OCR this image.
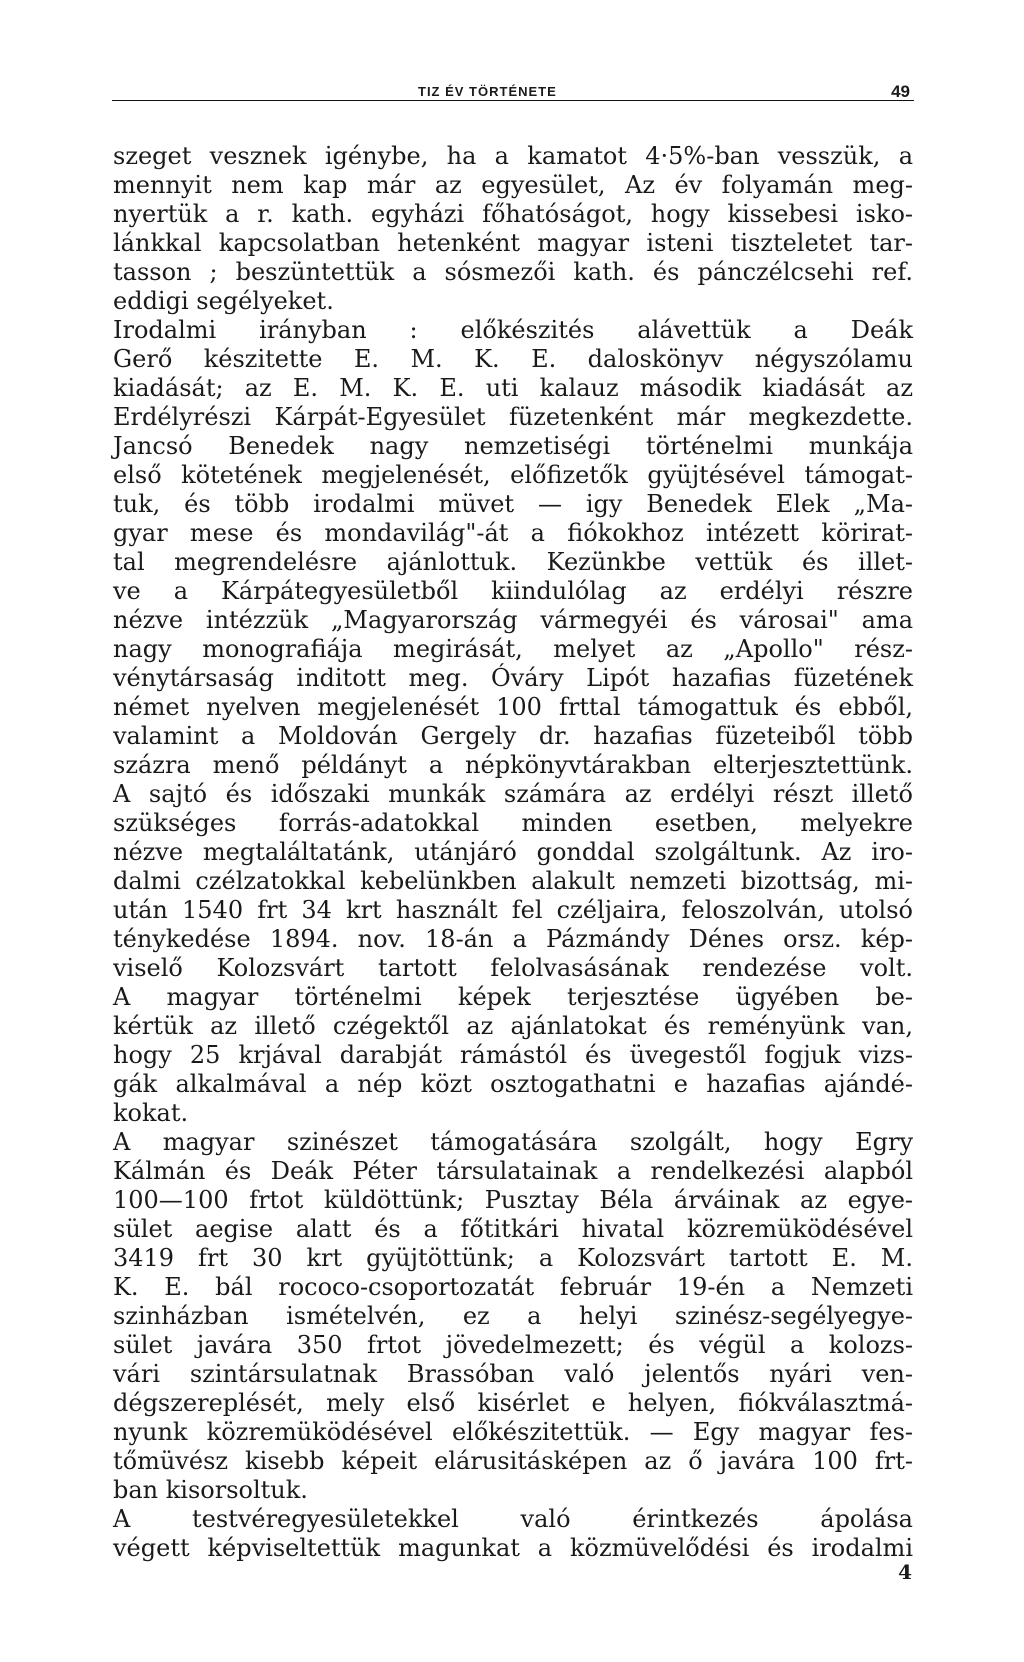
TIZ ÉV TÖRTÉNETE	49
szeget vesznek igénybe, ha a kamatot 4·5%-ban vesszük, a
mennyit nem kap már az egyesület, Az év folyamán meg-
nyertük a r. kath. egyházi főhatóságot, hogy kissebesi isko-
lánkkal kapcsolatban hetenként magyar isteni tiszteletet tar-
tasson ; beszüntettük a sósmezői kath. és pánczélcsehi ref.
eddigi segélyeket.
Irodalmi irányban : előkészités alávettük a Deák
Gerő készitette E. M. K. E. daloskönyv négyszólamu
kiadását; az E. M. K. E. uti kalauz második kiadását az
Erdélyrészi Kárpát-Egyesület füzetenként már megkezdette.
Jancsó Benedek nagy nemzetiségi történelmi munkája
első kötetének megjelenését, előfizetők gyüjtésével támogat-
tuk, és több irodalmi müvet — igy Benedek Elek „Ma-
gyar mese és mondavilág"-át a fiókokhoz intézett körirat-
tal megrendelésre ajánlottuk. Kezünkbe vettük és illet-
ve a Kárpátegyesületből kiindulólag az erdélyi részre
nézve intézzük „Magyarország vármegyéi és városai" ama
nagy monografiája megirását, melyet az „Apollo" rész-
vénytársaság inditott meg. Óváry Lipót hazafias füzetének
német nyelven megjelenését 100 frttal támogattuk és ebből,
valamint a Moldován Gergely dr. hazafias füzeteiből több
százra menő példányt a népkönyvtárakban elterjesztettünk.
A sajtó és időszaki munkák számára az erdélyi részt illető
szükséges forrás-adatokkal minden esetben, melyekre
nézve megtaláltatánk, utánjáró gonddal szolgáltunk. Az iro-
dalmi czélzatokkal kebelünkben alakult nemzeti bizottság, mi-
után 1540 frt 34 krt használt fel czéljaira, feloszolván, utolsó
ténykedése 1894. nov. 18-án a Pázmándy Dénes orsz. kép-
viselő Kolozsvárt tartott felolvasásának rendezése volt.
A magyar történelmi képek terjesztése ügyében be-
kértük az illető czégektől az ajánlatokat és reményünk van,
hogy 25 krjával darabját rámástól és üvegestől fogjuk vizs-
gák alkalmával a nép közt osztogathatni e hazafias ajándé-
kokat.
A magyar szinészet támogatására szolgált, hogy Egry
Kálmán és Deák Péter társulatainak a rendelkezési alapból
100—100 frtot küldöttünk; Pusztay Béla árváinak az egye-
sület aegise alatt és a főtitkári hivatal közremüködésével
3419 frt 30 krt gyüjtöttünk; a Kolozsvárt tartott E. M.
K. E. bál rococo-csoportozatát február 19-én a Nemzeti
szinházban ismételvén, ez a helyi szinész-segélyegye-
sület javára 350 frtot jövedelmezett; és végül a kolozs-
vári szintársulatnak Brassóban való jelentős nyári ven-
dégszereplését, mely első kisérlet e helyen, fiókválasztmá-
nyunk közremüködésével előkészitettük. — Egy magyar fes-
tőmüvész kisebb képeit elárusitásképen az ő javára 100 frt-
ban kisorsoltuk.
A testvéregyesületekkel való érintkezés ápolása
végett képviseltettük magunkat a közmüvelődési és irodalmi
4
